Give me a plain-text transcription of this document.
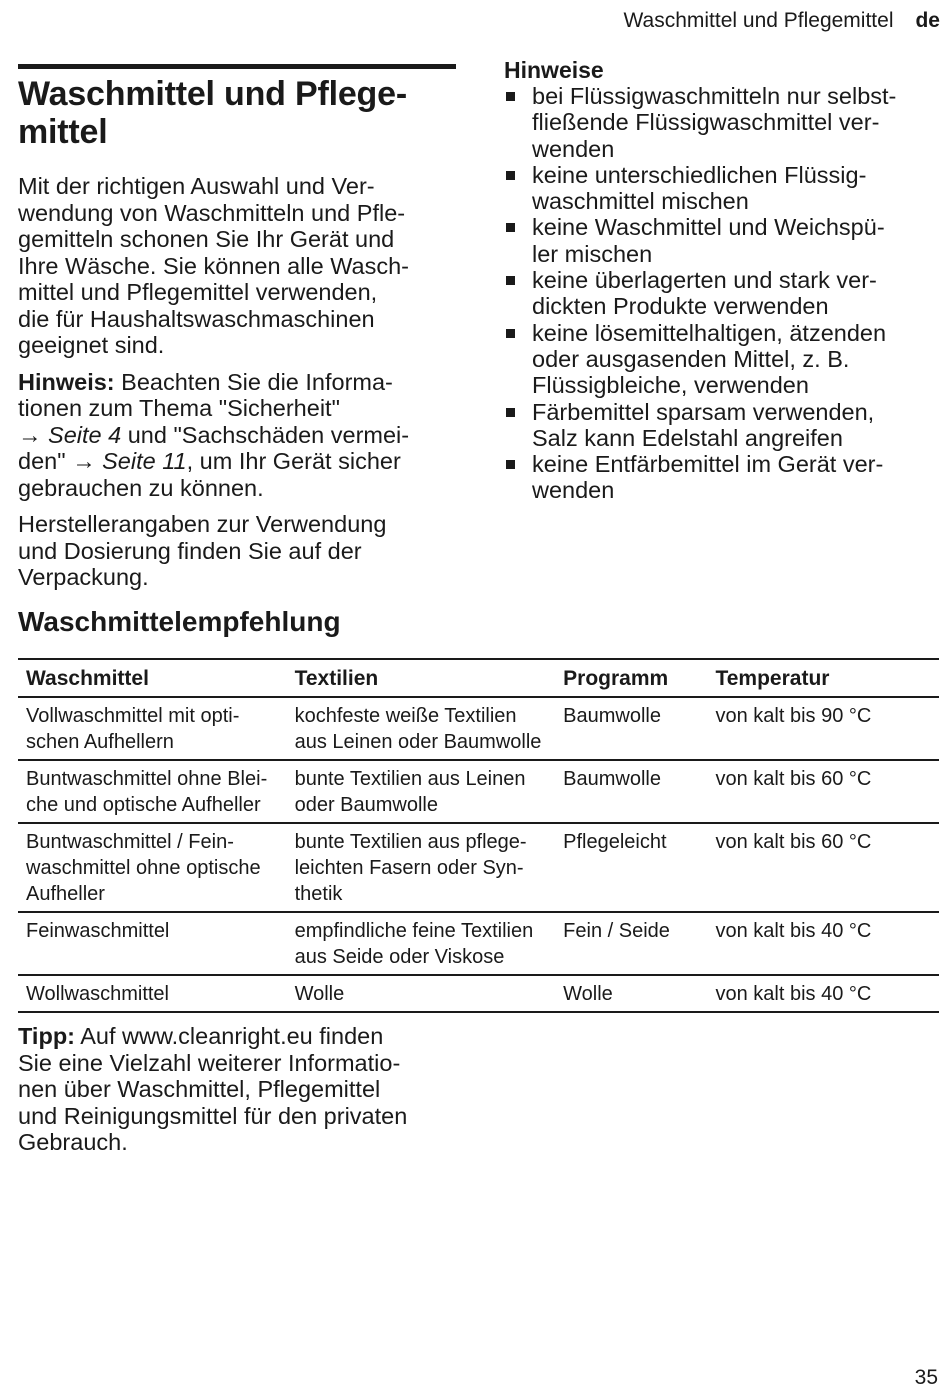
Waschmittel und Pflegemittel de
Waschmittel und Pflege-
mittel

Mit der richtigen Auswahl und Ver-
wendung von Waschmitteln und Pfle-
gemitteln schonen Sie Ihr Gerät und
Ihre Wäsche. Sie können alle Wasch-
mittel und Pflegemittel verwenden,
die für Haushaltswaschmaschinen
geeignet sind.

Hinweis: Beachten Sie die Informa-
tionen zum Thema "Sicherheit"
→ Seite 4 und "Sachschäden vermei-
den" → Seite 11, um Ihr Gerät sicher
gebrauchen zu können.

Herstellerangaben zur Verwendung
und Dosierung finden Sie auf der
Verpackung.

Hinweise

bei Flüssigwaschmitteln nur selbst-
fließende Flüssigwaschmittel ver-
wenden
keine unterschiedlichen Flüssig-
waschmittel mischen
keine Waschmittel und Weichspü-
ler mischen
keine überlagerten und stark ver-
dickten Produkte verwenden
keine lösemittelhaltigen, ätzenden
oder ausgasenden Mittel, z. B.
Flüssigbleiche, verwenden
Färbemittel sparsam verwenden,
Salz kann Edelstahl angreifen
keine Entfärbemittel im Gerät ver-
wenden
Waschmittelempfehlung
Waschmittel	Textilien	Programm	Temperatur
Vollwaschmittel mit opti-
schen Aufhellern	kochfeste weiße Textilien
aus Leinen oder Baumwolle	Baumwolle	von kalt bis 90 °C
Buntwaschmittel ohne Blei-
che und optische Aufheller	bunte Textilien aus Leinen
oder Baumwolle	Baumwolle	von kalt bis 60 °C
Buntwaschmittel / Fein-
waschmittel ohne optische
Aufheller	bunte Textilien aus pflege-
leichten Fasern oder Syn-
thetik	Pflegeleicht	von kalt bis 60 °C
Feinwaschmittel	empfindliche feine Textilien
aus Seide oder Viskose	Fein / Seide	von kalt bis 40 °C
Wollwaschmittel	Wolle	Wolle	von kalt bis 40 °C

Tipp: Auf www.cleanright.eu finden
Sie eine Vielzahl weiterer Informatio-
nen über Waschmittel, Pflegemittel
und Reinigungsmittel für den privaten
Gebrauch.

35
